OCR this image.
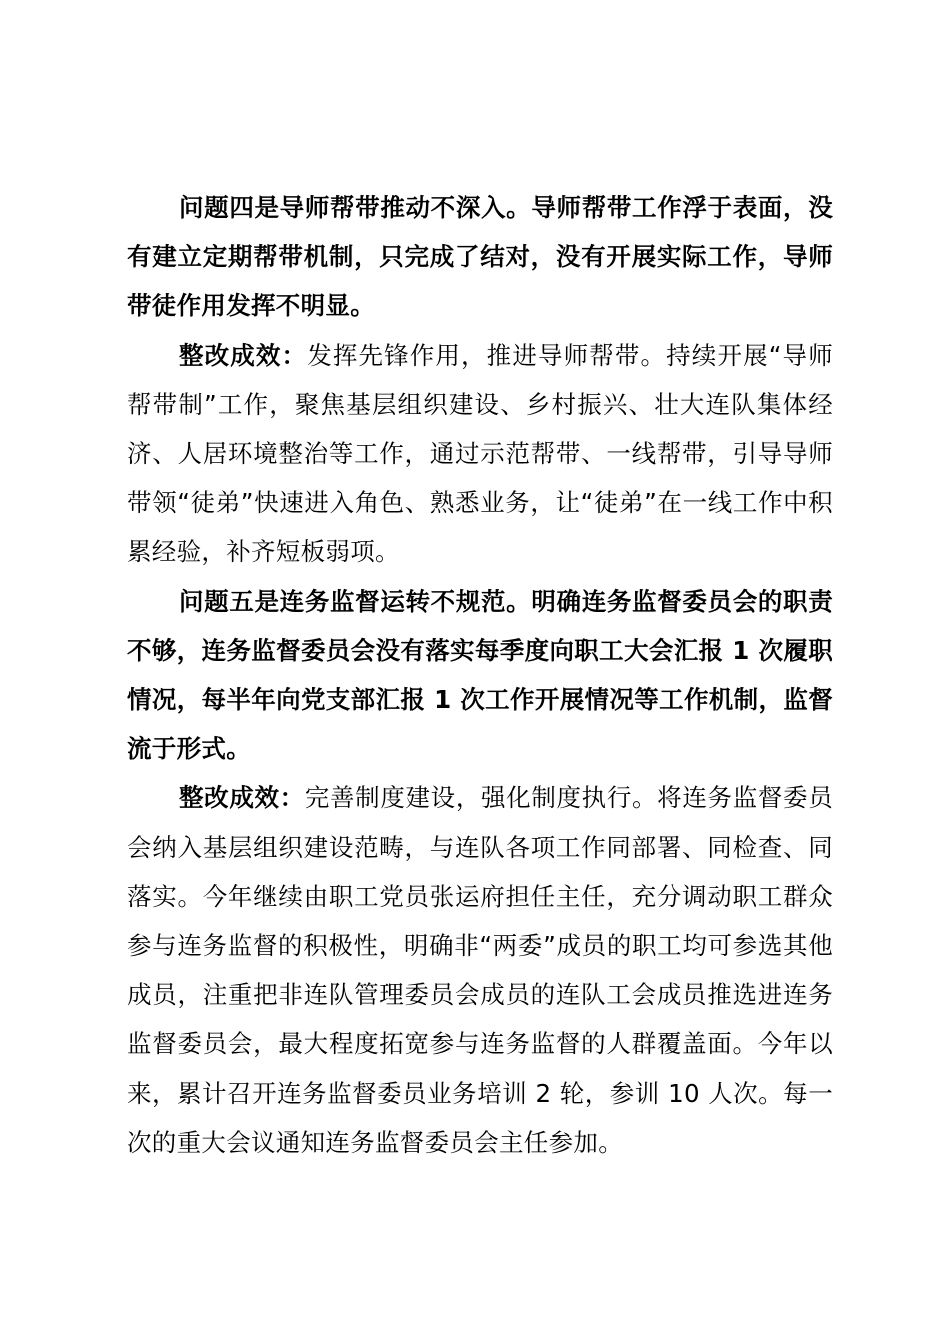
问题四是导师帮带推动不深入。导师帮带工作浮于表面，没有建立定期帮带机制，只完成了结对，没有开展实际工作，导师带徒作用发挥不明显。

整改成效：发挥先锋作用，推进导师帮带。持续开展“导师帮带制”工作，聚焦基层组织建设、乡村振兴、壮大连队集体经济、人居环境整治等工作，通过示范帮带、一线帮带，引导导师带领“徒弟”快速进入角色、熟悉业务，让“徒弟”在一线工作中积累经验，补齐短板弱项。

问题五是连务监督运转不规范。明确连务监督委员会的职责不够，连务监督委员会没有落实每季度向职工大会汇报 1 次履职情况，每半年向党支部汇报 1 次工作开展情况等工作机制，监督流于形式。

整改成效：完善制度建设，强化制度执行。将连务监督委员会纳入基层组织建设范畴，与连队各项工作同部署、同检查、同落实。今年继续由职工党员张运府担任主任，充分调动职工群众参与连务监督的积极性，明确非“两委”成员的职工均可参选其他成员，注重把非连队管理委员会成员的连队工会成员推选进连务监督委员会，最大程度拓宽参与连务监督的人群覆盖面。今年以来，累计召开连务监督委员业务培训 2 轮，参训 10 人次。每一次的重大会议通知连务监督委员会主任参加。
